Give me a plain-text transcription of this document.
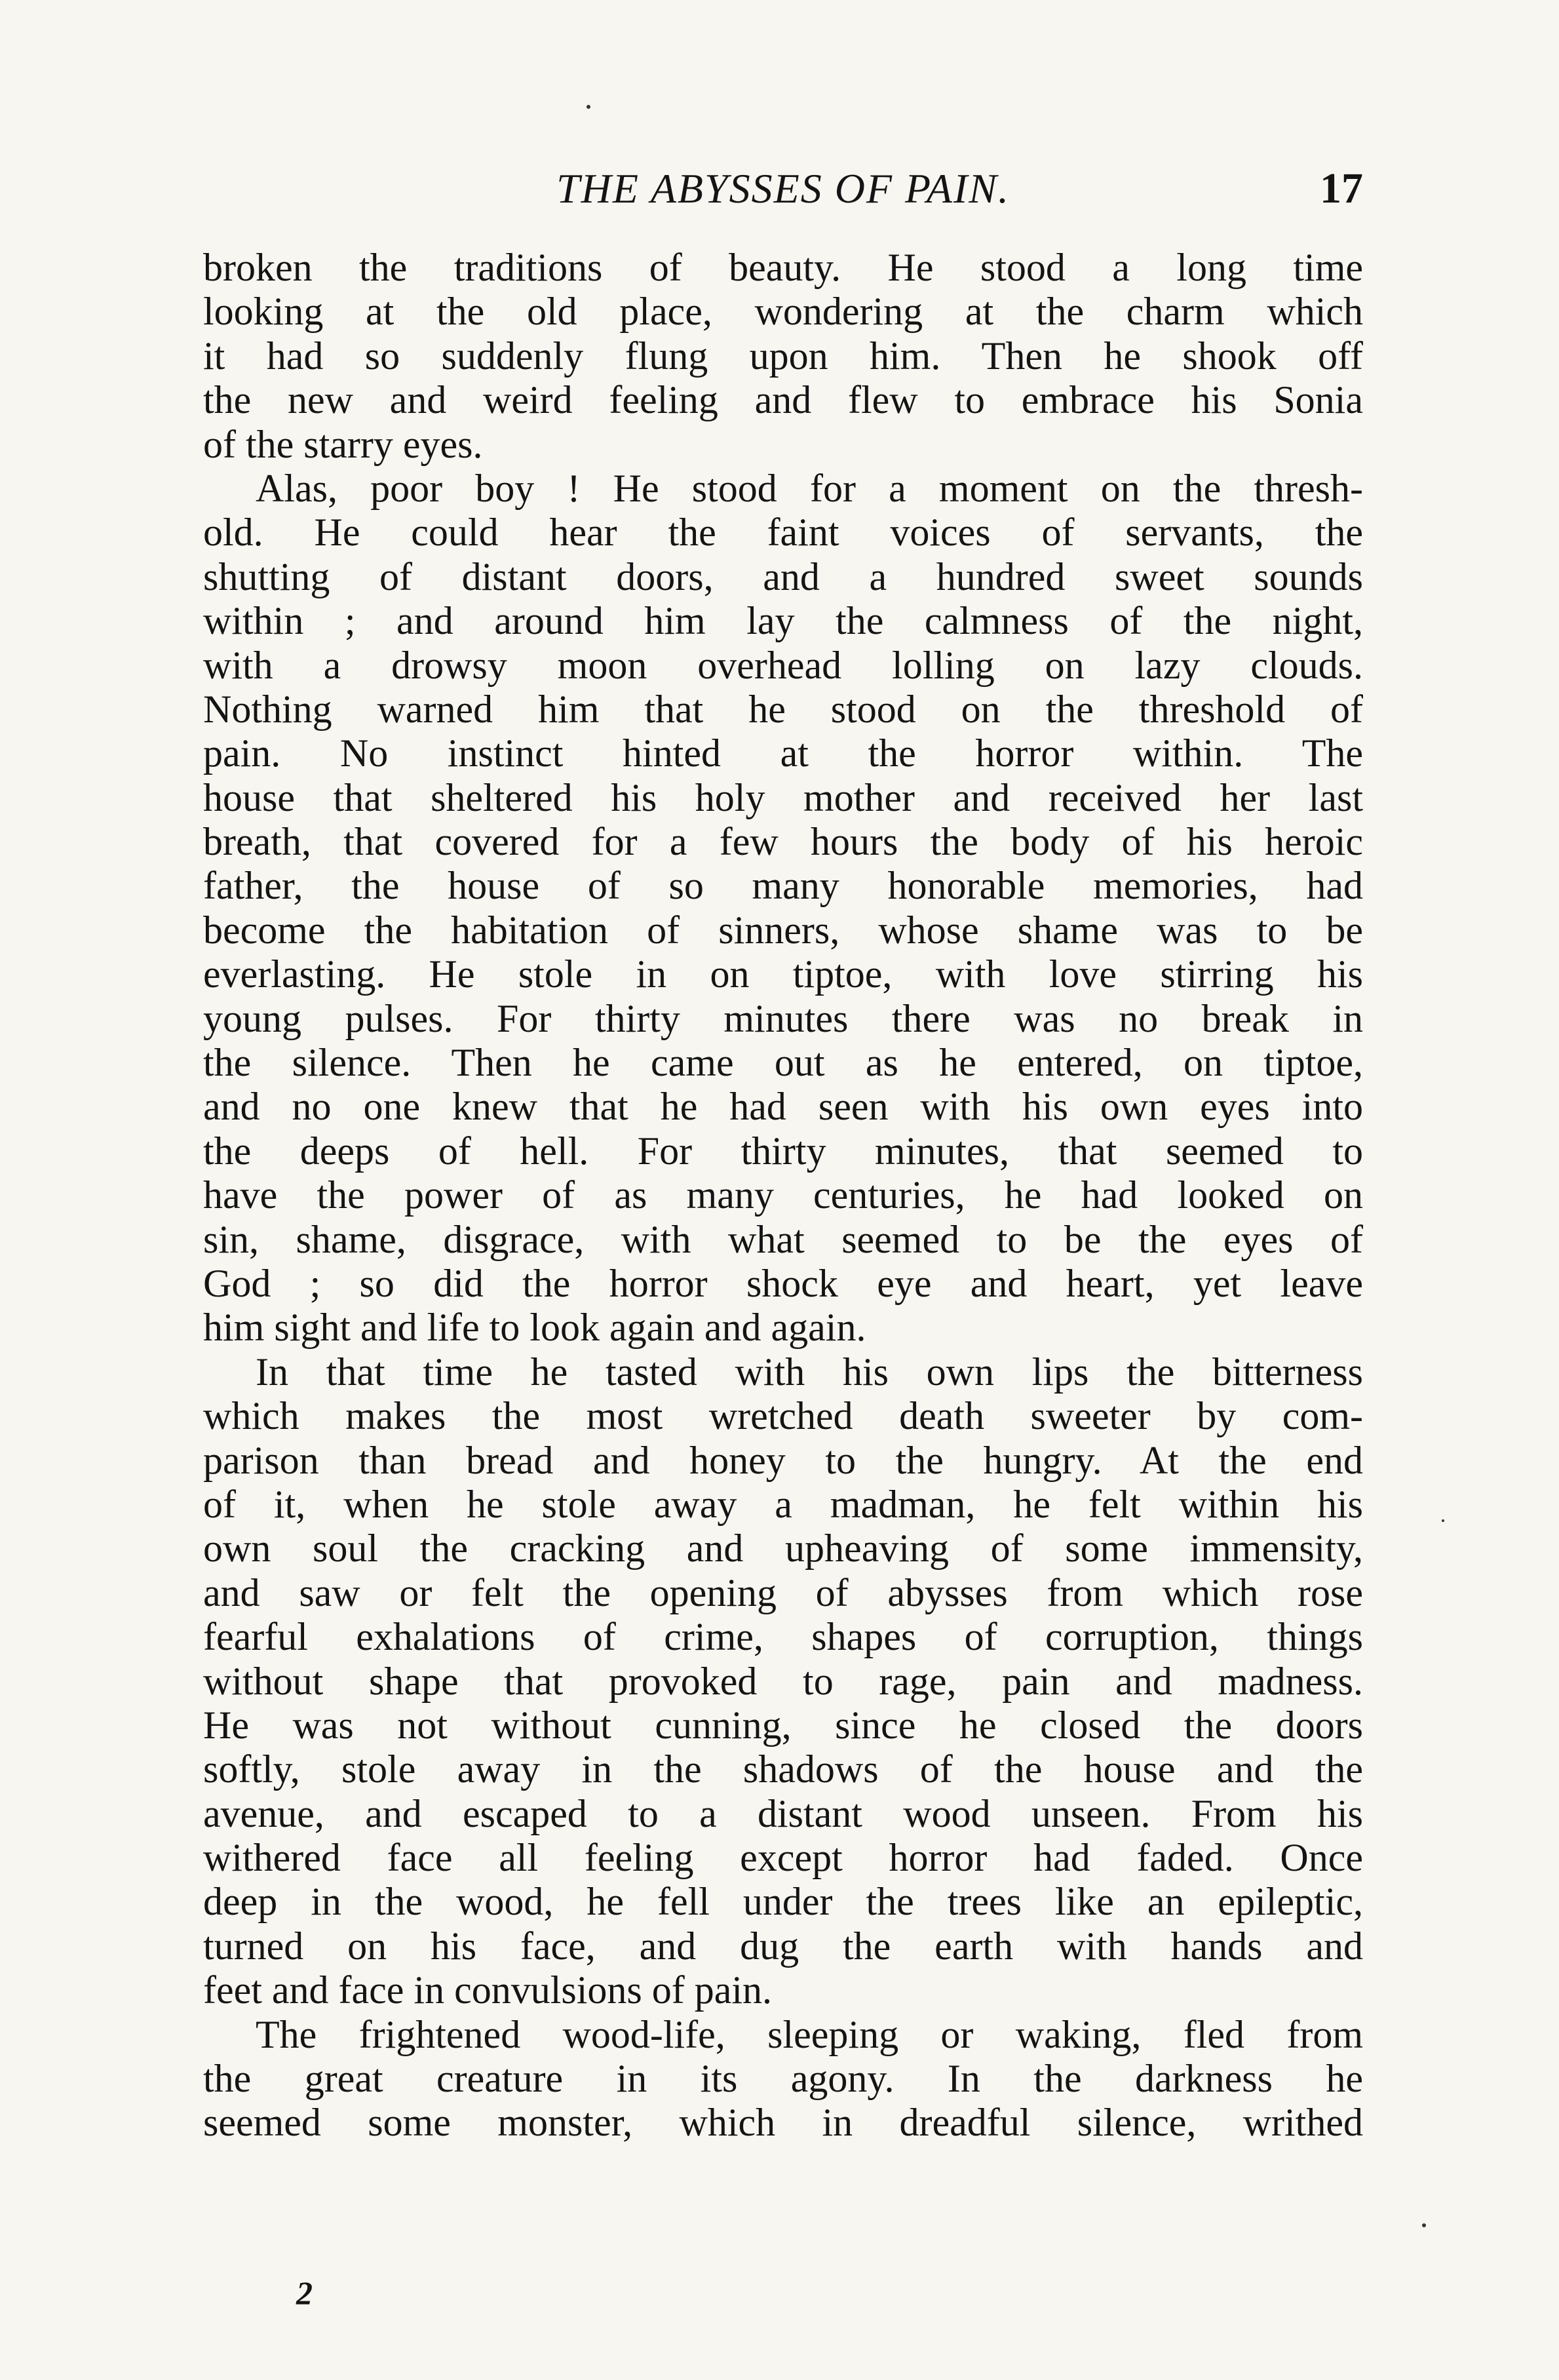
THE ABYSSES OF PAIN.	17
broken the traditions of beauty. He stood a long time
looking at the old place, wondering at the charm which
it had so suddenly flung upon him. Then he shook off
the new and weird feeling and flew to embrace his Sonia
of the starry eyes.
Alas, poor boy ! He stood for a moment on the thresh-
old. He could hear the faint voices of servants, the
shutting of distant doors, and a hundred sweet sounds
within ; and around him lay the calmness of the night,
with a drowsy moon overhead lolling on lazy clouds.
Nothing warned him that he stood on the threshold of
pain. No instinct hinted at the horror within. The
house that sheltered his holy mother and received her last
breath, that covered for a few hours the body of his heroic
father, the house of so many honorable memories, had
become the habitation of sinners, whose shame was to be
everlasting. He stole in on tiptoe, with love stirring his
young pulses. For thirty minutes there was no break in
the silence. Then he came out as he entered, on tiptoe,
and no one knew that he had seen with his own eyes into
the deeps of hell. For thirty minutes, that seemed to
have the power of as many centuries, he had looked on
sin, shame, disgrace, with what seemed to be the eyes of
God ; so did the horror shock eye and heart, yet leave
him sight and life to look again and again.
In that time he tasted with his own lips the bitterness
which makes the most wretched death sweeter by com-
parison than bread and honey to the hungry. At the end
of it, when he stole away a madman, he felt within his
own soul the cracking and upheaving of some immensity,
and saw or felt the opening of abysses from which rose
fearful exhalations of crime, shapes of corruption, things
without shape that provoked to rage, pain and madness.
He was not without cunning, since he closed the doors
softly, stole away in the shadows of the house and the
avenue, and escaped to a distant wood unseen. From his
withered face all feeling except horror had faded. Once
deep in the wood, he fell under the trees like an epileptic,
turned on his face, and dug the earth with hands and
feet and face in convulsions of pain.
The frightened wood-life, sleeping or waking, fled from
the great creature in its agony. In the darkness he
seemed some monster, which in dreadful silence, writhed
2
